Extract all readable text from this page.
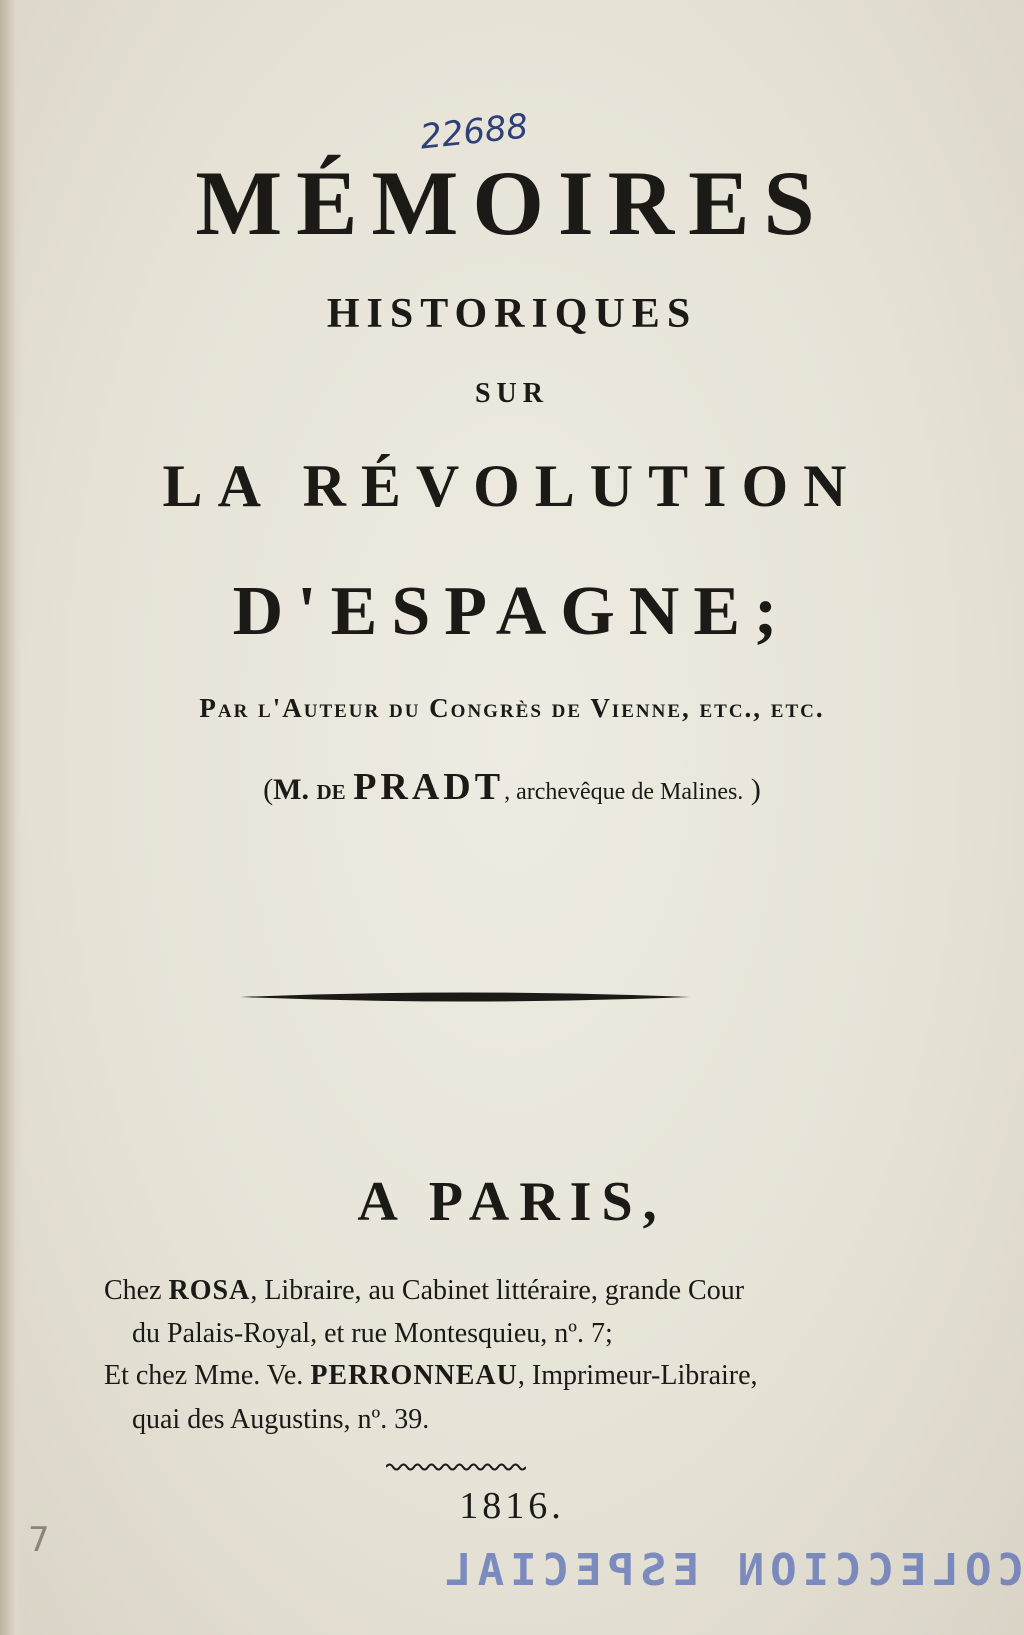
22688
MÉMOIRES
HISTORIQUES
SUR
LA RÉVOLUTION
D'ESPAGNE;
Par l'Auteur du Congrès de Vienne, etc., etc.
(M. de PRADT, archevêque de Malines. )
A PARIS,
Chez ROSA, Libraire, au Cabinet littéraire, grande Cour
du Palais-Royal, et rue Montesquieu, nº. 7;
Et chez Mme. Ve. PERRONNEAU, Imprimeur-Libraire,
quai des Augustins, nº. 39.
1816.
7
COLECCION ESPECIAL
